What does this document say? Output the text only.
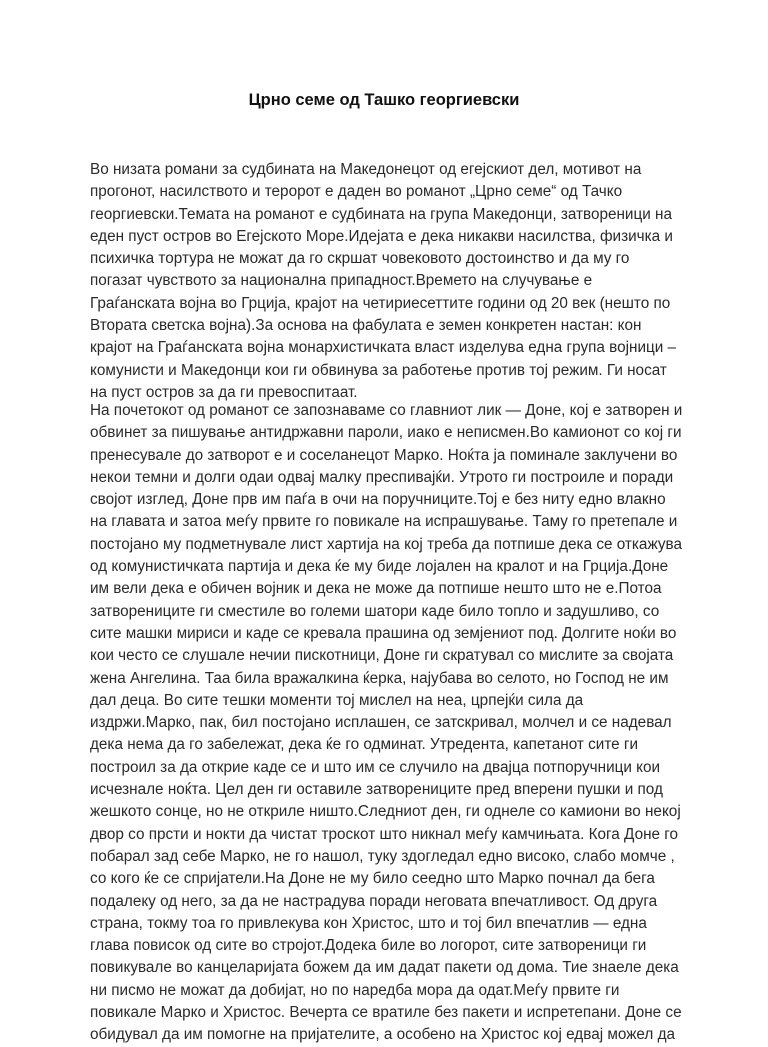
Црно семе од Ташко георгиевски
Во низата романи за судбината на Македонецот од егејскиот дел, мотивот на
прогонот, насилството и теророт е даден во романот „Црно семе“ од Тачко
георгиевски.Темата на романот е судбината на група Македонци, затвореници на
еден пуст остров во Егејското Море.Идејата е дека никакви насилства, физичка и
психичка тортура не можат да го скршат човековото достоинство и да му го
погазат чувството за национална припадност.Времето на случување е
Граѓанската војна во Грција, крајот на четириесеттите години од 20 век (нешто по
Втората светска војна).За основа на фабулата е земен конкретен настан: кон
крајот на Граѓанската војна монархистичката власт изделува една група војници –
комунисти и Македонци кои ги обвинува за работење против тој режим. Ги носат
на пуст остров за да ги превоспитаат.
На почетокот од романот се запознаваме со главниот лик — Доне, кој е затворен и
обвинет за пишување антидржавни пароли, иако е неписмен.Во камионот со кој ги
пренесувале до затворот е и соселанецот Марко. Ноќта ја поминале заклучени во
некои темни и долги одаи одвај малку преспивајќи. Утрото ги построиле и поради
својот изглед, Доне прв им паѓа в очи на поручниците.Тој е без ниту едно влакно
на главата и затоа меѓу првите го повикале на испрашување. Таму го претепале и
постојано му подметнувале лист хартија на кој треба да потпише дека се откажува
од комунистичката партија и дека ќе му биде лојален на кралот и на Грција.Доне
им вели дека е обичен војник и дека не може да потпише нешто што не е.Потоа
затворениците ги сместиле во големи шатори каде било топло и задушливо, со
сите машки мириси и каде се кревала прашина од земјениот под. Долгите ноќи во
кои често се слушале нечии пискотници, Доне ги скратувал со мислите за својата
жена Ангелина. Таа била вражалкина ќерка, најубава во селото, но Господ не им
дал деца. Во сите тешки моменти тој мислел на неа, црпејќи сила да
издржи.Марко, пак, бил постојано исплашен, се затскривал, молчел и се надевал
дека нема да го забележат, дека ќе го одминат. Утредента, капетанот сите ги
построил за да открие каде се и што им се случило на двајца потпоручници кои
исчезнале ноќта. Цел ден ги оставиле затворениците пред вперени пушки и под
жешкото сонце, но не откриле ништо.Следниот ден, ги однеле со камиони во некој
двор со прсти и нокти да чистат троскот што никнал меѓу камчињата. Кога Доне го
побарал зад себе Марко, не го нашол, туку здогледал едно високо, слабо момче ,
со кого ќе се спријатели.На Доне не му било сеедно што Марко почнал да бега
подалеку од него, за да не настрадува поради неговата впечатливост. Од друга
страна, токму тоа го привлекува кон Христос, што и тој бил впечатлив — една
глава повисок од сите во стројот.Додека биле во логорот, сите затвореници ги
повикувале во канцеларијата божем да им дадат пакети од дома. Тие знаеле дека
ни писмо не можат да добијат, но по наредба мора да одат.Меѓу првите ги
повикале Марко и Христос. Вечерта се вратиле без пакети и испретепани. Доне се
обидувал да им помогне на пријателите, а особено на Христос кој едвај можел да
